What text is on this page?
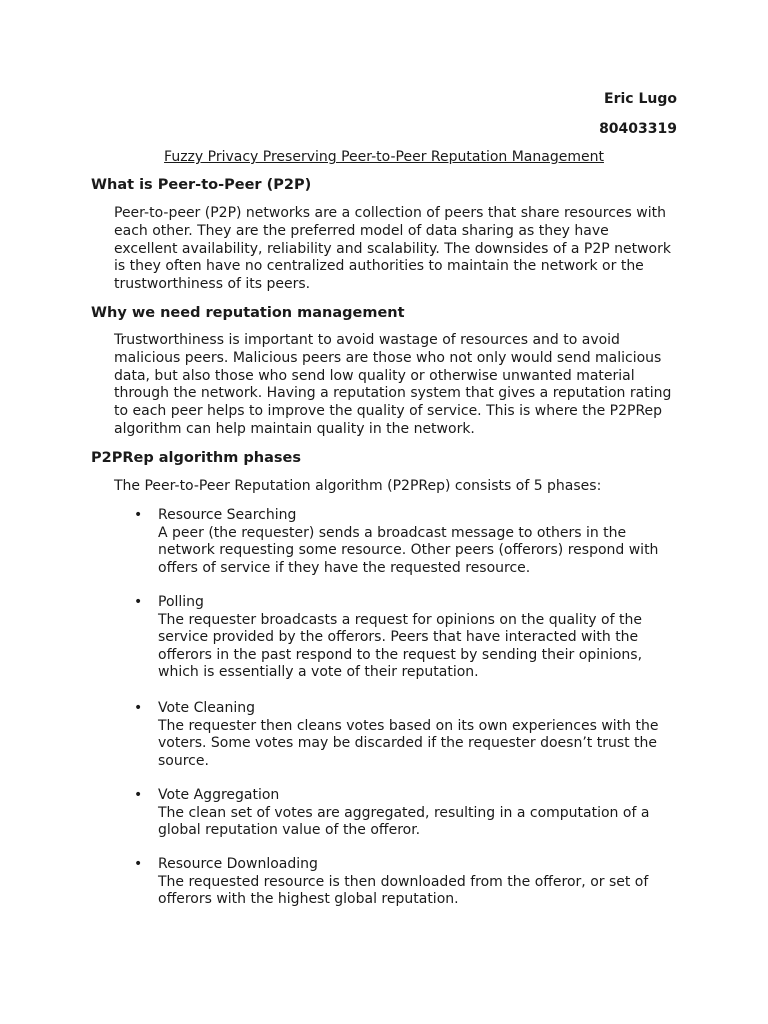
Eric Lugo
80403319
Fuzzy Privacy Preserving Peer-to-Peer Reputation Management
What is Peer-to-Peer (P2P)
Peer-to-peer (P2P) networks are a collection of peers that share resources with each other. They are the preferred model of data sharing as they have excellent availability, reliability and scalability. The downsides of a P2P network is they often have no centralized authorities to maintain the network or the trustworthiness of its peers.
Why we need reputation management
Trustworthiness is important to avoid wastage of resources and to avoid malicious peers. Malicious peers are those who not only would send malicious data, but also those who send low quality or otherwise unwanted material through the network. Having a reputation system that gives a reputation rating to each peer helps to improve the quality of service. This is where the P2PRep algorithm can help maintain quality in the network.
P2PRep algorithm phases
The Peer-to-Peer Reputation algorithm (P2PRep) consists of 5 phases:
• Resource Searching
A peer (the requester) sends a broadcast message to others in the network requesting some resource. Other peers (offerors) respond with offers of service if they have the requested resource.
• Polling
The requester broadcasts a request for opinions on the quality of the service provided by the offerors. Peers that have interacted with the offerors in the past respond to the request by sending their opinions, which is essentially a vote of their reputation.
• Vote Cleaning
The requester then cleans votes based on its own experiences with the voters. Some votes may be discarded if the requester doesn’t trust the source.
• Vote Aggregation
The clean set of votes are aggregated, resulting in a computation of a global reputation value of the offeror.
• Resource Downloading
The requested resource is then downloaded from the offeror, or set of offerors with the highest global reputation.
